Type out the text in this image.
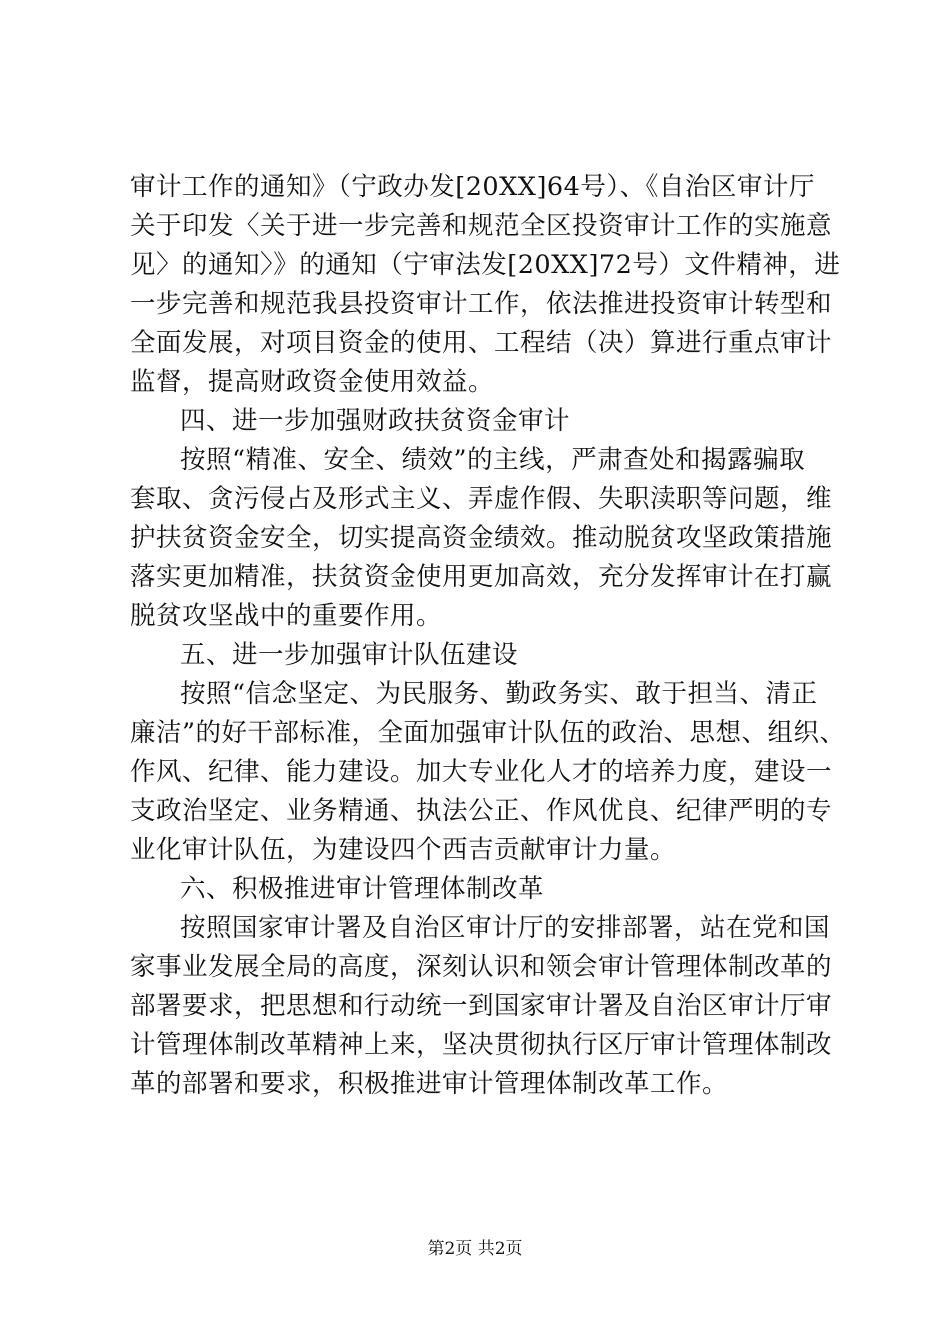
审计工作的通知》（宁政办发[20XX]64号）、《自治区审计厅
关于印发〈关于进一步完善和规范全区投资审计工作的实施意
见〉的通知〉》的通知（宁审法发[20XX]72号）文件精神，进
一步完善和规范我县投资审计工作，依法推进投资审计转型和
全面发展，对项目资金的使用、工程结（决）算进行重点审计
监督，提高财政资金使用效益。
四、进一步加强财政扶贫资金审计
按照“精准、安全、绩效”的主线，严肃查处和揭露骗取
套取、贪污侵占及形式主义、弄虚作假、失职渎职等问题，维
护扶贫资金安全，切实提高资金绩效。推动脱贫攻坚政策措施
落实更加精准，扶贫资金使用更加高效，充分发挥审计在打赢
脱贫攻坚战中的重要作用。
五、进一步加强审计队伍建设
按照“信念坚定、为民服务、勤政务实、敢于担当、清正
廉洁”的好干部标准，全面加强审计队伍的政治、思想、组织、
作风、纪律、能力建设。加大专业化人才的培养力度，建设一
支政治坚定、业务精通、执法公正、作风优良、纪律严明的专
业化审计队伍，为建设四个西吉贡献审计力量。
六、积极推进审计管理体制改革
按照国家审计署及自治区审计厅的安排部署，站在党和国
家事业发展全局的高度，深刻认识和领会审计管理体制改革的
部署要求，把思想和行动统一到国家审计署及自治区审计厅审
计管理体制改革精神上来，坚决贯彻执行区厅审计管理体制改
革的部署和要求，积极推进审计管理体制改革工作。
第2页 共2页
